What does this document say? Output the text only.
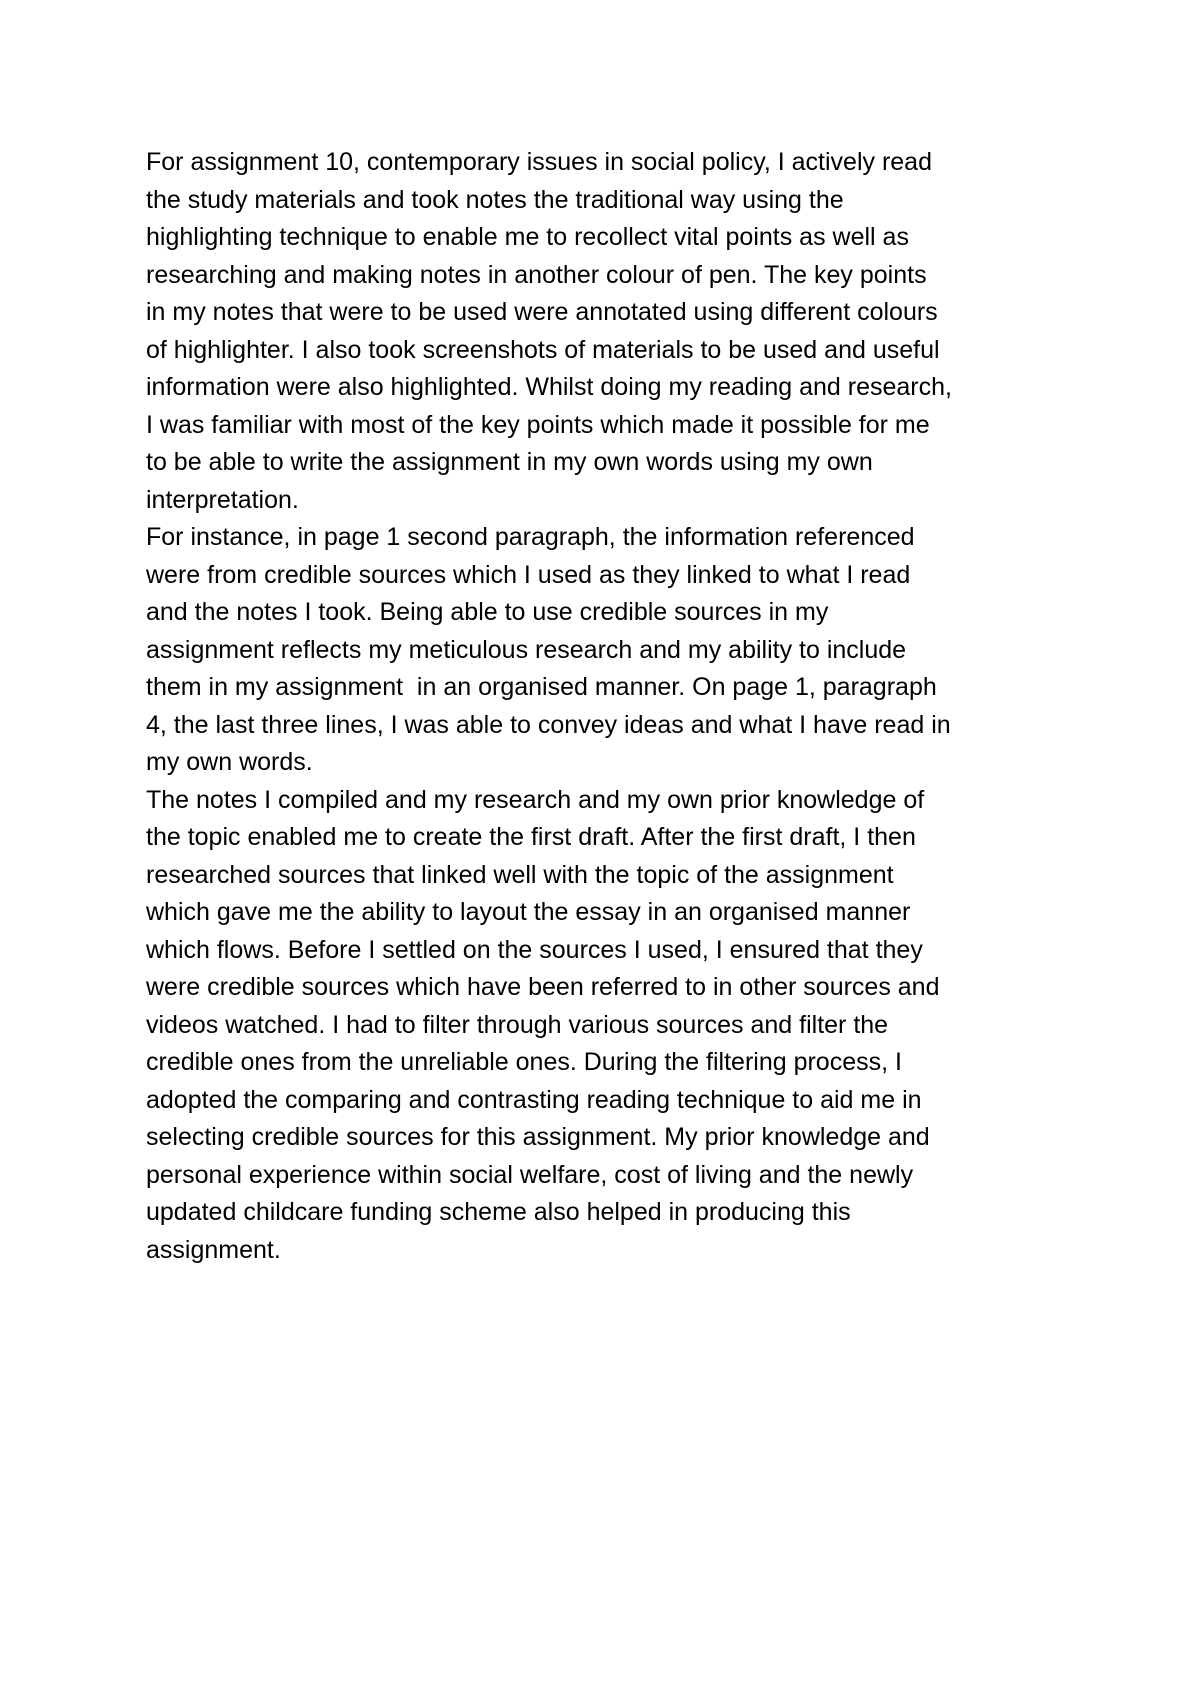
For assignment 10, contemporary issues in social policy, I actively read
the study materials and took notes the traditional way using the
highlighting technique to enable me to recollect vital points as well as
researching and making notes in another colour of pen. The key points
in my notes that were to be used were annotated using different colours
of highlighter. I also took screenshots of materials to be used and useful
information were also highlighted. Whilst doing my reading and research,
I was familiar with most of the key points which made it possible for me
to be able to write the assignment in my own words using my own
interpretation.
For instance, in page 1 second paragraph, the information referenced
were from credible sources which I used as they linked to what I read
and the notes I took. Being able to use credible sources in my
assignment reflects my meticulous research and my ability to include
them in my assignment  in an organised manner. On page 1, paragraph
4, the last three lines, I was able to convey ideas and what I have read in
my own words.
The notes I compiled and my research and my own prior knowledge of
the topic enabled me to create the first draft. After the first draft, I then
researched sources that linked well with the topic of the assignment
which gave me the ability to layout the essay in an organised manner
which flows. Before I settled on the sources I used, I ensured that they
were credible sources which have been referred to in other sources and
videos watched. I had to filter through various sources and filter the
credible ones from the unreliable ones. During the filtering process, I
adopted the comparing and contrasting reading technique to aid me in
selecting credible sources for this assignment. My prior knowledge and
personal experience within social welfare, cost of living and the newly
updated childcare funding scheme also helped in producing this
assignment.
